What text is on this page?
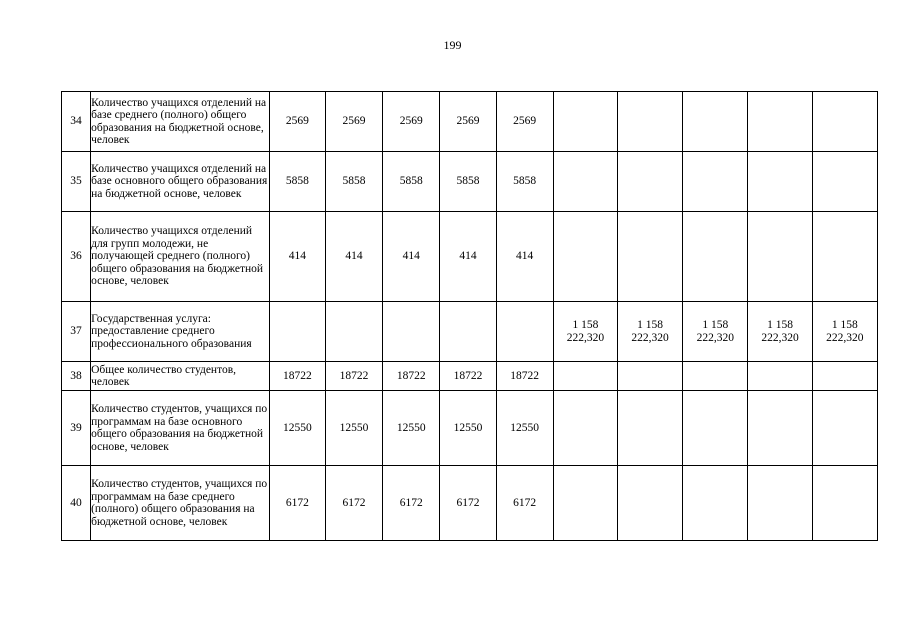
199
34	Количество учащихся отделений на базе среднего (полного) общего образования на бюджетной основе, человек	2569	2569	2569	2569	2569					
35	Количество учащихся отделений на базе основного общего образования на бюджетной основе, человек	5858	5858	5858	5858	5858					
36	Количество учащихся отделений для групп молодежи, не получающей среднего (полного) общего образования на бюджетной основе, человек	414	414	414	414	414					
37	Государственная услуга: предоставление среднего профессионального образования						1 158 222,320	1 158 222,320	1 158 222,320	1 158 222,320	1 158 222,320
38	Общее количество студентов, человек	18722	18722	18722	18722	18722					
39	Количество студентов, учащихся по программам на базе основного общего образования на бюджетной основе, человек	12550	12550	12550	12550	12550					
40	Количество студентов, учащихся по программам на базе среднего (полного) общего образования на бюджетной основе, человек	6172	6172	6172	6172	6172					
